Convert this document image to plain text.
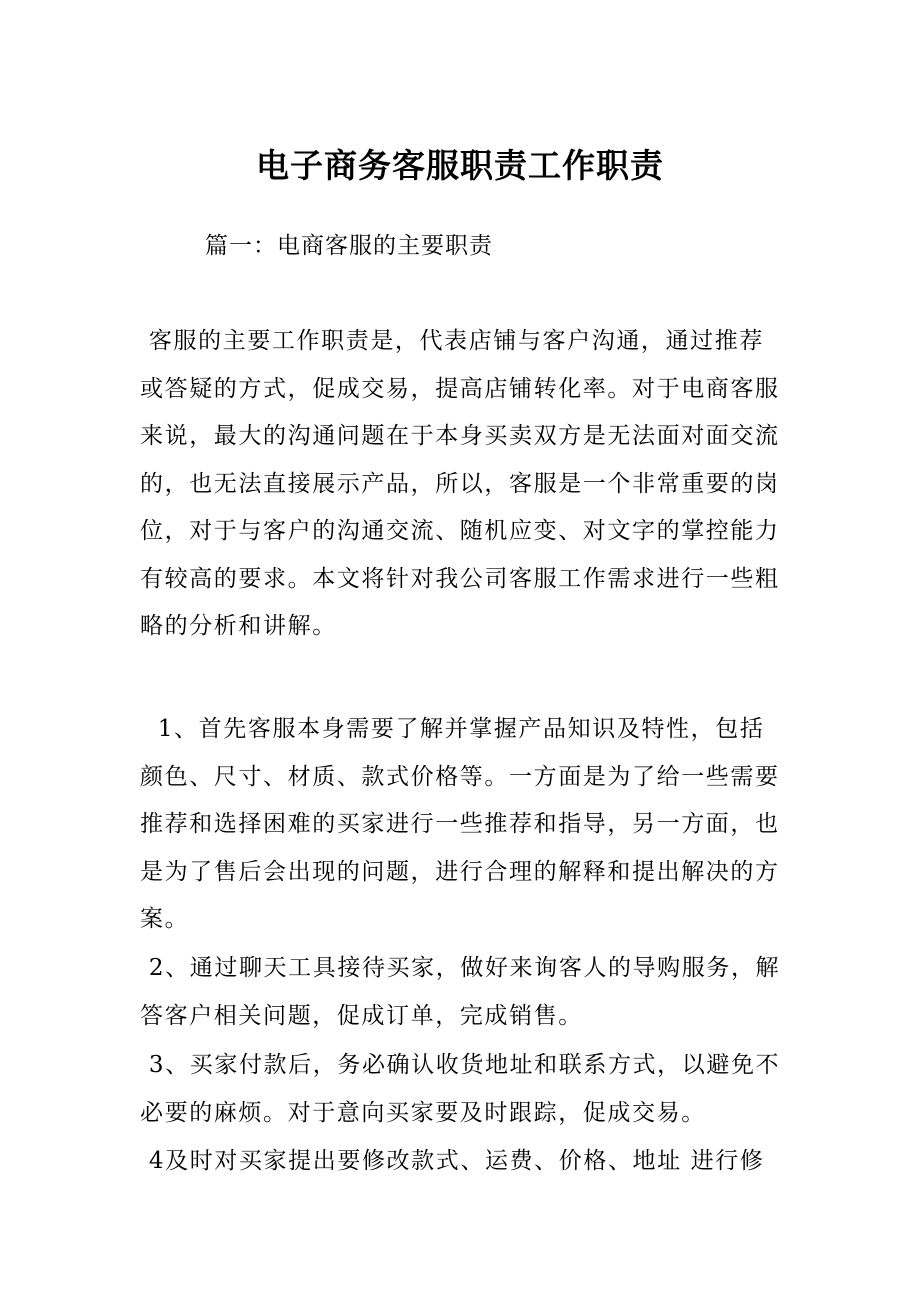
电子商务客服职责工作职责

篇一：电商客服的主要职责

客服的主要工作职责是，代表店铺与客户沟通，通过推荐或答疑的方式，促成交易，提高店铺转化率。对于电商客服来说，最大的沟通问题在于本身买卖双方是无法面对面交流的，也无法直接展示产品，所以，客服是一个非常重要的岗位，对于与客户的沟通交流、随机应变、对文字的掌控能力有较高的要求。本文将针对我公司客服工作需求进行一些粗略的分析和讲解。

1、首先客服本身需要了解并掌握产品知识及特性，包括颜色、尺寸、材质、款式价格等。一方面是为了给一些需要推荐和选择困难的买家进行一些推荐和指导，另一方面，也是为了售后会出现的问题，进行合理的解释和提出解决的方案。

2、通过聊天工具接待买家，做好来询客人的导购服务，解答客户相关问题，促成订单，完成销售。

3、买家付款后，务必确认收货地址和联系方式，以避免不必要的麻烦。对于意向买家要及时跟踪，促成交易。

4及时对买家提出要修改款式、运费、价格、地址 进行修
